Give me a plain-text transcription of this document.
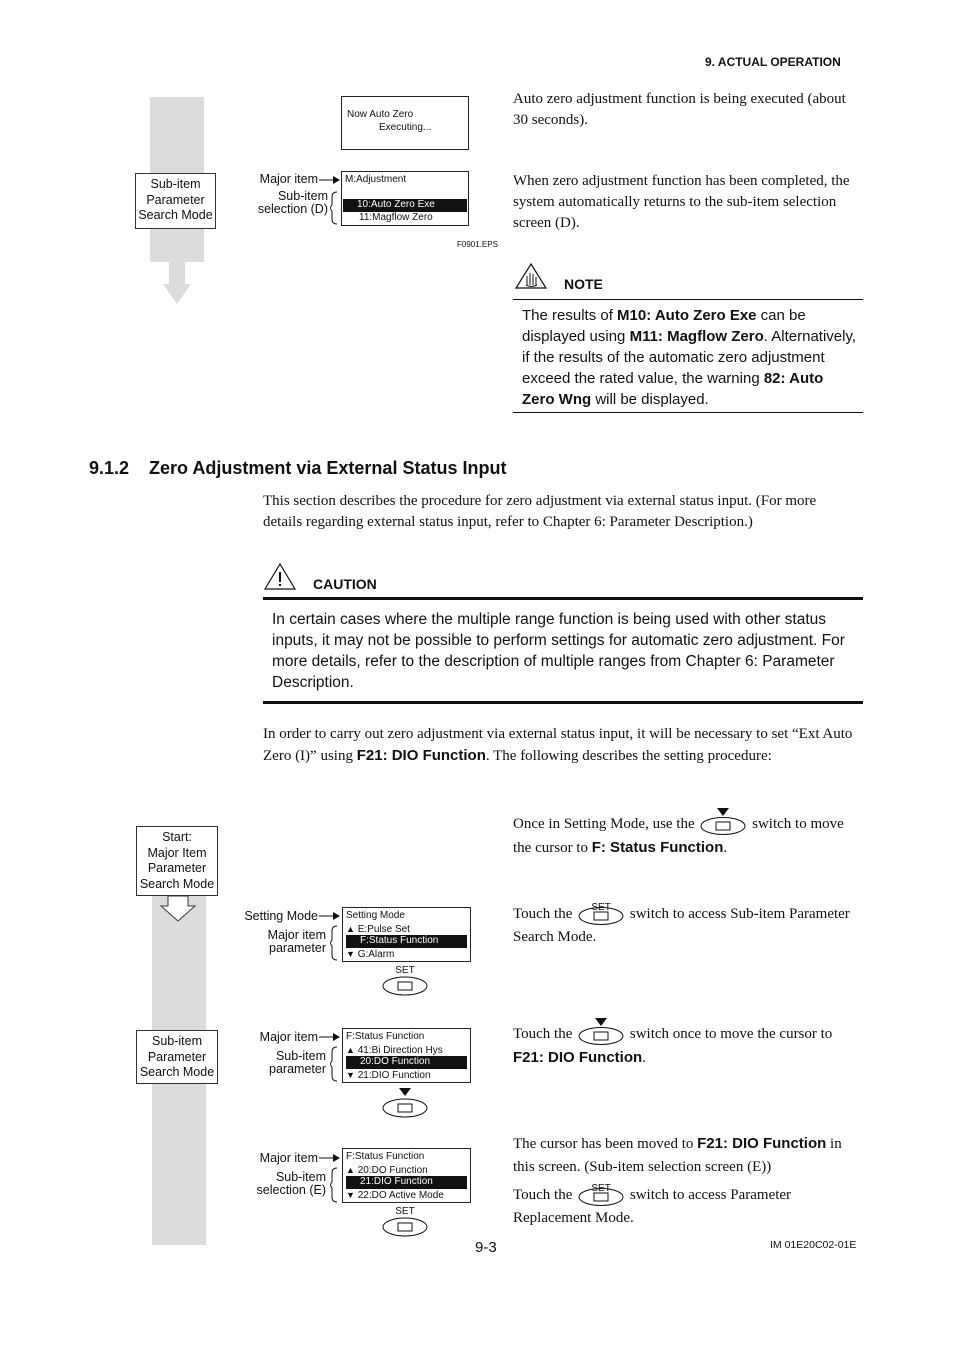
9. ACTUAL OPERATION
Now Auto Zero
Executing...
Sub-item
Parameter
Search Mode
Major item
Sub-item
selection (D)
M:Adjustment
10:Auto Zero Exe
11:Magflow Zero
F0901.EPS
Auto zero adjustment function is being executed (about 30 seconds).
When zero adjustment function has been completed, the system automatically returns to the sub-item selection screen (D).
NOTE
The results of M10: Auto Zero Exe can be displayed using M11: Magflow Zero. Alternatively, if the results of the automatic zero adjustment exceed the rated value, the warning 82: Auto Zero Wng will be displayed.
9.1.2 Zero Adjustment via External Status Input
This section describes the procedure for zero adjustment via external status input. (For more details regarding external status input, refer to Chapter 6: Parameter Description.)
CAUTION
In certain cases where the multiple range function is being used with other status inputs, it may not be possible to perform settings for automatic zero adjustment. For more details, refer to the description of multiple ranges from Chapter 6: Parameter Description.
In order to carry out zero adjustment via external status input, it will be necessary to set “Ext Auto Zero (I)” using F21: DIO Function. The following describes the setting procedure:
Start:
Major Item
Parameter
Search Mode
Sub-item
Parameter
Search Mode
Setting Mode
Major item
parameter
Setting Mode
▲ E:Pulse Set
F:Status Function
▼ G:Alarm
SET
Major item
Sub-item
parameter
F:Status Function
▲ 41:Bi Direction Hys
20:DO Function
▼ 21:DIO Function
Major item
Sub-item
selection (E)
F:Status Function
▲ 20:DO Function
21:DIO Function
▼ 22:DO Active Mode
SET
Once in Setting Mode, use the	switch to move the cursor to F: Status Function.
Touch the	SET	switch to access Sub-item Parameter Search Mode.
Touch the	switch once to move the cursor to F21: DIO Function.
The cursor has been moved to F21: DIO Function in this screen. (Sub-item selection screen (E))
Touch the	SET	switch to access Parameter Replacement Mode.
9-3	IM 01E20C02-01E
